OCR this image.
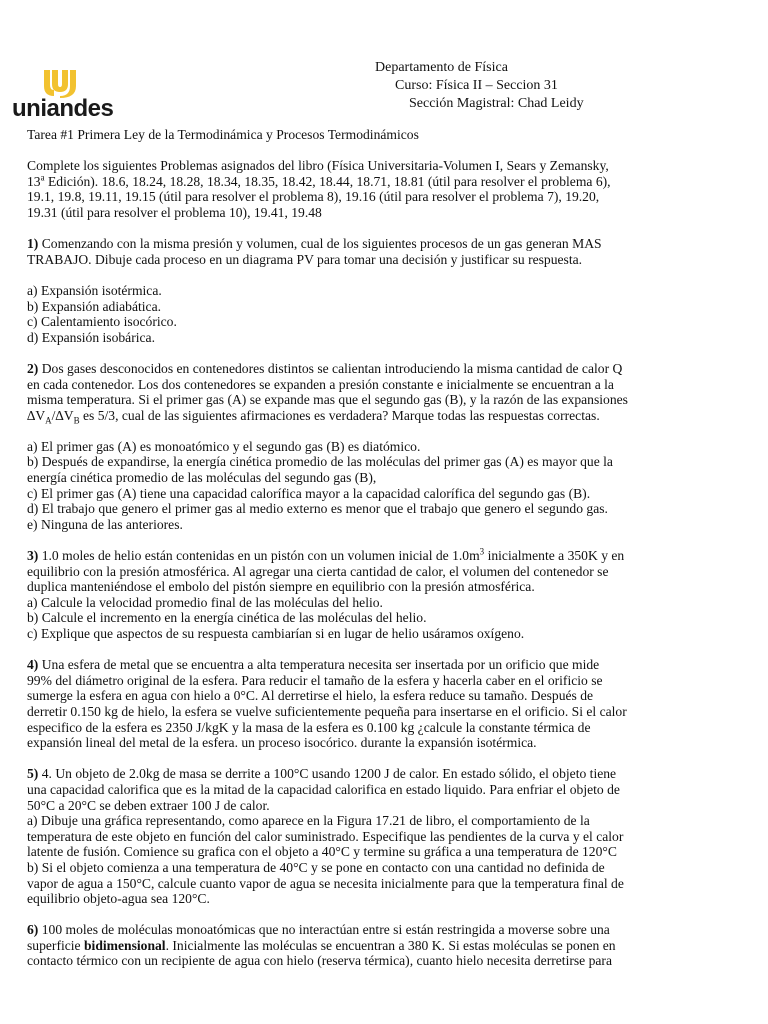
uniandes
Departamento de Física
Curso: Física II – Seccion 31
Sección Magistral: Chad Leidy

Tarea #1 Primera Ley de la Termodinámica y Procesos Termodinámicos

Complete los siguientes Problemas asignados del libro (Física Universitaria-Volumen I, Sears y Zemansky,

13$^a$ Edición). 18.6, 18.24, 18.28, 18.34, 18.35, 18.42, 18.44, 18.71, 18.81 (útil para resolver el problema 6),

19.1, 19.8, 19.11, 19.15 (útil para resolver el problema 8), 19.16 (útil para resolver el problema 7), 19.20,

19.31 (útil para resolver el problema 10), 19.41, 19.48

1) Comenzando con la misma presión y volumen, cual de los siguientes procesos de un gas generan MAS

TRABAJO. Dibuje cada proceso en un diagrama PV para tomar una decisión y justificar su respuesta.

a) Expansión isotérmica.

b) Expansión adiabática.

c) Calentamiento isocórico.

d) Expansión isobárica.

2) Dos gases desconocidos en contenedores distintos se calientan introduciendo la misma cantidad de calor Q

en cada contenedor. Los dos contenedores se expanden a presión constante e inicialmente se encuentran a la

misma temperatura. Si el primer gas (A) se expande mas que el segundo gas (B), y la razón de las expansiones

$\Delta V_A/\Delta V_B$ es 5/3, cual de las siguientes afirmaciones es verdadera? Marque todas las respuestas correctas.

a) El primer gas (A) es monoatómico y el segundo gas (B) es diatómico.

b) Después de expandirse, la energía cinética promedio de las moléculas del primer gas (A) es mayor que la

energía cinética promedio de las moléculas del segundo gas (B),

c) El primer gas (A) tiene una capacidad calorífica mayor a la capacidad calorífica del segundo gas (B).

d) El trabajo que genero el primer gas al medio externo es menor que el trabajo que genero el segundo gas.

e) Ninguna de las anteriores.

3) 1.0 moles de helio están contenidas en un pistón con un volumen inicial de $1.0m^3$ inicialmente a 350K y en

equilibrio con la presión atmosférica. Al agregar una cierta cantidad de calor, el volumen del contenedor se

duplica manteniéndose el embolo del pistón siempre en equilibrio con la presión atmosférica.

a) Calcule la velocidad promedio final de las moléculas del helio.

b) Calcule el incremento en la energía cinética de las moléculas del helio.

c) Explique que aspectos de su respuesta cambiarían si en lugar de helio usáramos oxígeno.

4) Una esfera de metal que se encuentra a alta temperatura necesita ser insertada por un orificio que mide

99% del diámetro original de la esfera. Para reducir el tamaño de la esfera y hacerla caber en el orificio se

sumerge la esfera en agua con hielo a 0°C. Al derretirse el hielo, la esfera reduce su tamaño. Después de

derretir 0.150 kg de hielo, la esfera se vuelve suficientemente pequeña para insertarse en el orificio. Si el calor

especifico de la esfera es 2350 J/kgK y la masa de la esfera es 0.100 kg ¿calcule la constante térmica de

expansión lineal del metal de la esfera. un proceso isocórico. durante la expansión isotérmica.

5) 4. Un objeto de 2.0kg de masa se derrite a 100°C usando 1200 J de calor. En estado sólido, el objeto tiene

una capacidad calorifica que es la mitad de la capacidad calorifica en estado liquido. Para enfriar el objeto de

50°C a 20°C se deben extraer 100 J de calor.

a) Dibuje una gráfica representando, como aparece en la Figura 17.21 de libro, el comportamiento de la

temperatura de este objeto en función del calor suministrado. Especifique las pendientes de la curva y el calor

latente de fusión. Comience su grafica con el objeto a 40°C y termine su gráfica a una temperatura de 120°C

b) Si el objeto comienza a una temperatura de 40°C y se pone en contacto con una cantidad no definida de

vapor de agua a 150°C, calcule cuanto vapor de agua se necesita inicialmente para que la temperatura final de

equilibrio objeto-agua sea 120°C.

6) 100 moles de moléculas monoatómicas que no interactúan entre si están restringida a moverse sobre una

superficie bidimensional. Inicialmente las moléculas se encuentran a 380 K. Si estas moléculas se ponen en

contacto térmico con un recipiente de agua con hielo (reserva térmica), cuanto hielo necesita derretirse para
